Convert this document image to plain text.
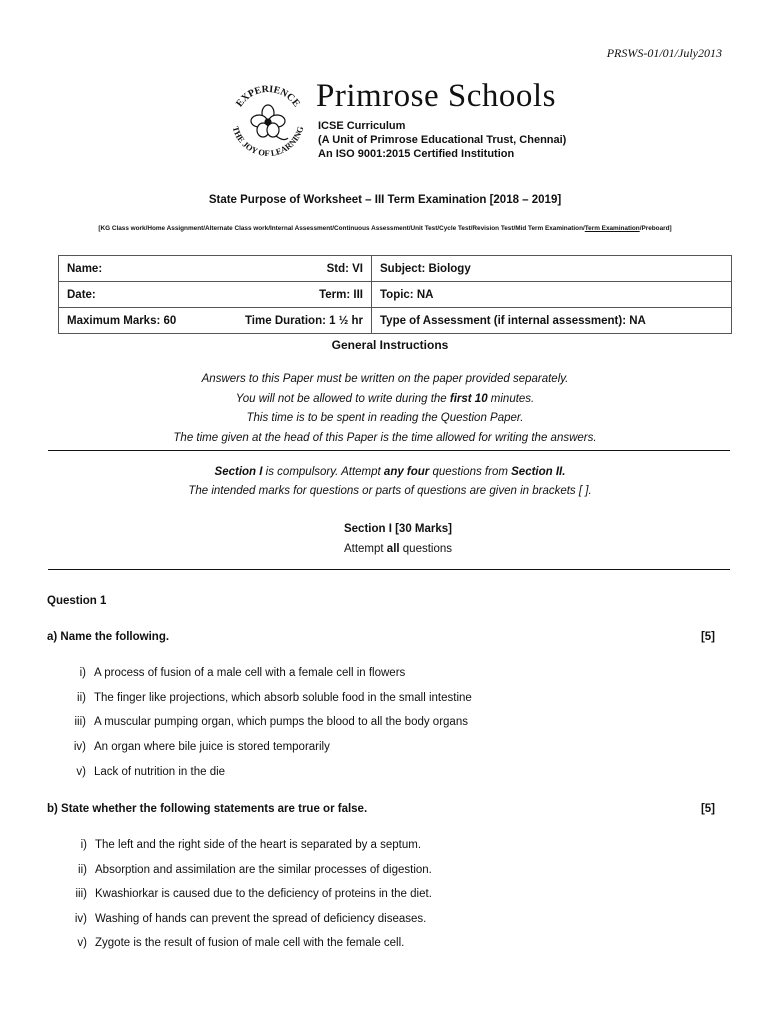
PRSWS-01/01/July2013
EXPERIENCE
THE JOY OF LEARNING
Primrose Schools
ICSE Curriculum
(A Unit of Primrose Educational Trust, Chennai)
An ISO 9001:2015 Certified Institution
State Purpose of Worksheet – III Term Examination [2018 – 2019]
[KG Class work/Home Assignment/Alternate Class work/Internal Assessment/Continuous Assessment/Unit Test/Cycle Test/Revision Test/Mid Term Examination/Term Examination/Preboard]
Name: Std: VI	Subject: Biology

Date: Term: III	Topic: NA

Maximum Marks: 60 Time Duration: 1 ½ hr	Type of Assessment (if internal assessment): NA
General Instructions
Answers to this Paper must be written on the paper provided separately.
You will not be allowed to write during the first 10 minutes.
This time is to be spent in reading the Question Paper.
The time given at the head of this Paper is the time allowed for writing the answers.
Section I is compulsory. Attempt any four questions from Section II.
The intended marks for questions or parts of questions are given in brackets [ ].
Section I [30 Marks]
Attempt all questions
Question 1
a) Name the following.	[5]
i) A process of fusion of a male cell with a female cell in flowers
ii) The finger like projections, which absorb soluble food in the small intestine
iii) A muscular pumping organ, which pumps the blood to all the body organs
iv) An organ where bile juice is stored temporarily
v) Lack of nutrition in the die
b) State whether the following statements are true or false.	[5]
i) The left and the right side of the heart is separated by a septum.
ii) Absorption and assimilation are the similar processes of digestion.
iii) Kwashiorkar is caused due to the deficiency of proteins in the diet.
iv) Washing of hands can prevent the spread of deficiency diseases.
v) Zygote is the result of fusion of male cell with the female cell.
